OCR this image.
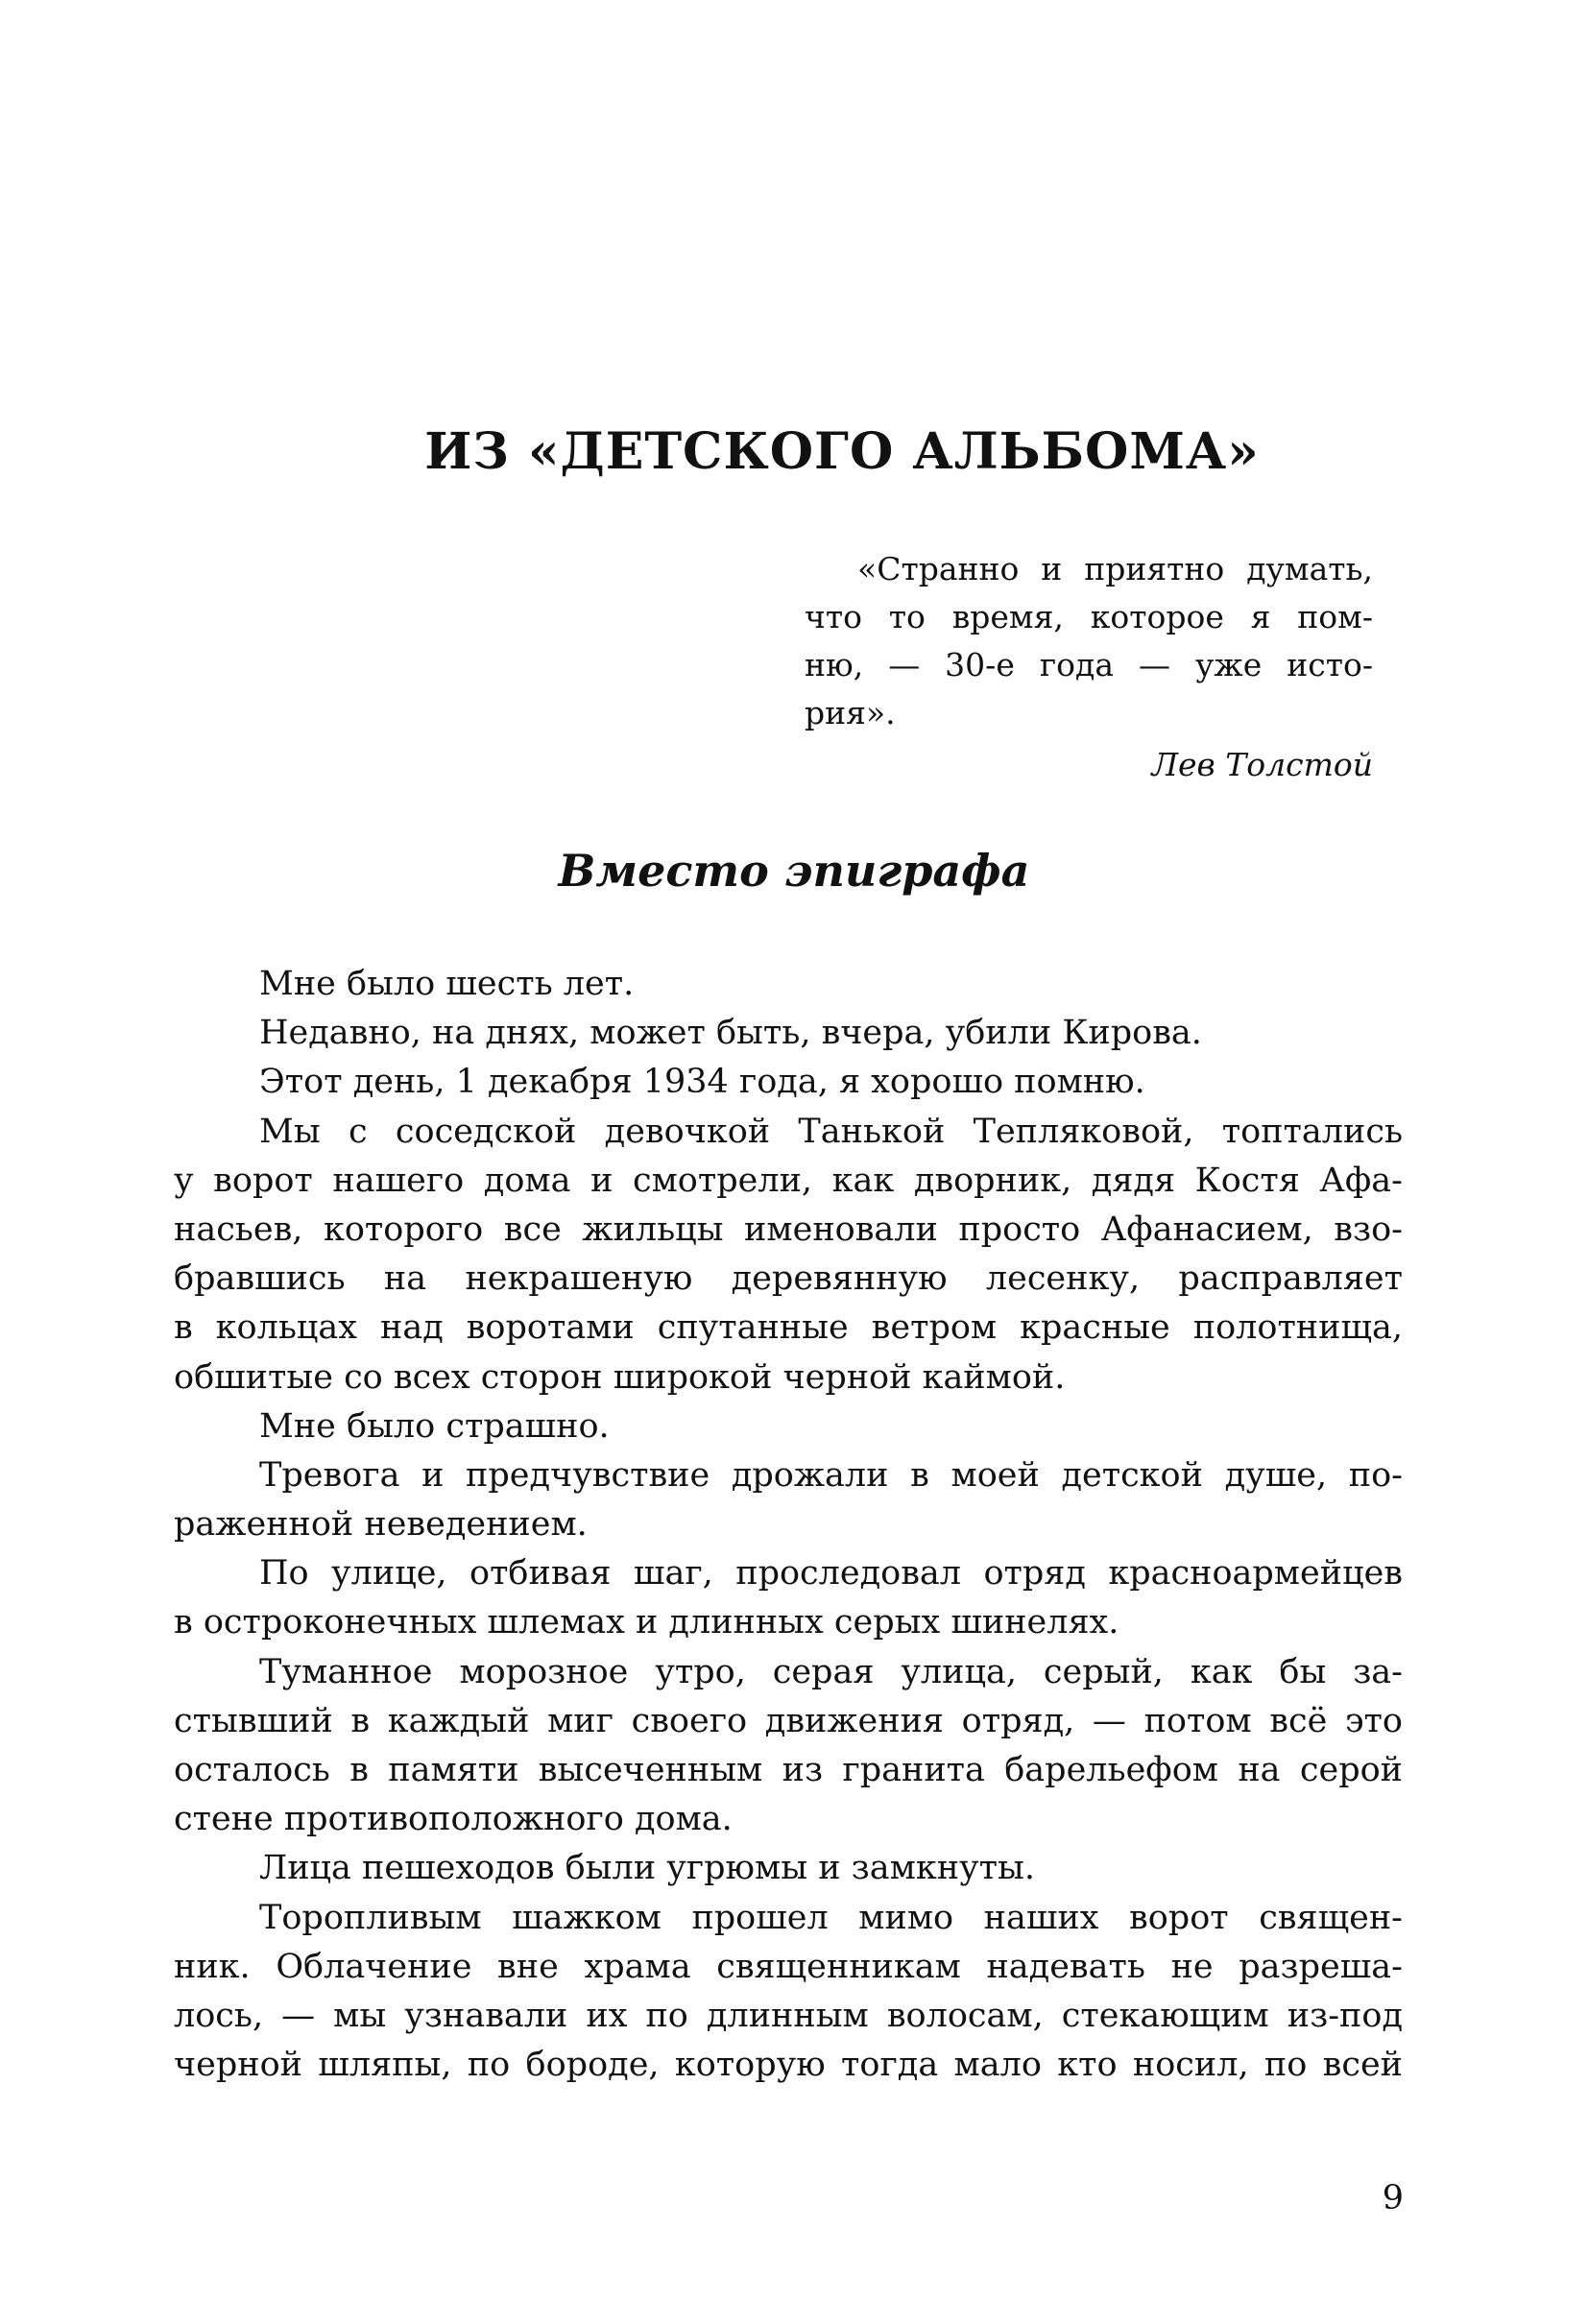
ИЗ «ДЕТСКОГО АЛЬБОМА»
«Странно и приятно думать,
что то время, которое я пом-
ню, — 30-е года — уже исто-
рия».
Лев Толстой
Вместо эпиграфа
Мне было шесть лет.
Недавно, на днях, может быть, вчера, убили Кирова.
Этот день, 1 декабря 1934 года, я хорошо помню.
Мы с соседской девочкой Танькой Тепляковой, топтались
у ворот нашего дома и смотрели, как дворник, дядя Костя Афа-
насьев, которого все жильцы именовали просто Афанасием, взо-
бравшись на некрашеную деревянную лесенку, расправляет
в кольцах над воротами спутанные ветром красные полотнища,
обшитые со всех сторон широкой черной каймой.
Мне было страшно.
Тревога и предчувствие дрожали в моей детской душе, по-
раженной неведением.
По улице, отбивая шаг, проследовал отряд красноармейцев
в остроконечных шлемах и длинных серых шинелях.
Туманное морозное утро, серая улица, серый, как бы за-
стывший в каждый миг своего движения отряд, — потом всё это
осталось в памяти высеченным из гранита барельефом на серой
стене противоположного дома.
Лица пешеходов были угрюмы и замкнуты.
Торопливым шажком прошел мимо наших ворот священ-
ник. Облачение вне храма священникам надевать не разреша-
лось, — мы узнавали их по длинным волосам, стекающим из-под
черной шляпы, по бороде, которую тогда мало кто носил, по всей
9
